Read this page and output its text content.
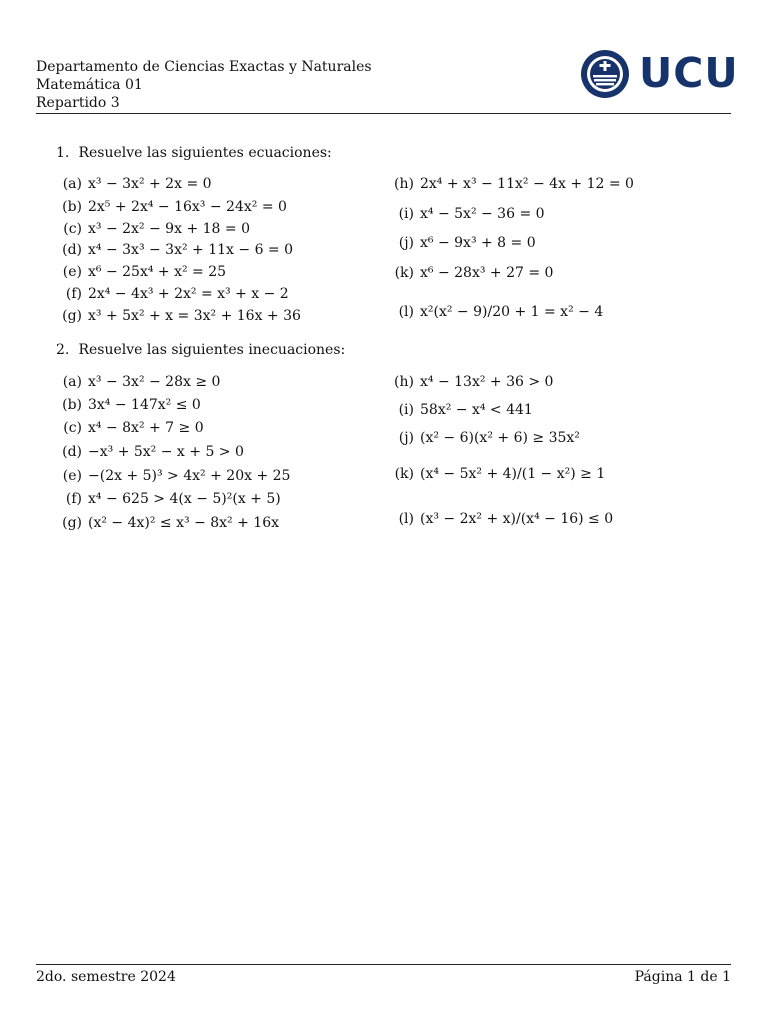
Departamento de Ciencias Exactas y Naturales
Matemática 01
Repartido 3
UCU
1. Resuelve las siguientes ecuaciones:
(a) x³ − 3x² + 2x = 0
(b) 2x⁵ + 2x⁴ − 16x³ − 24x² = 0
(c) x³ − 2x² − 9x + 18 = 0
(d) x⁴ − 3x³ − 3x² + 11x − 6 = 0
(e) x⁶ − 25x⁴ + x² = 25
(f) 2x⁴ − 4x³ + 2x² = x³ + x − 2
(g) x³ + 5x² + x = 3x² + 16x + 36
(h) 2x⁴ + x³ − 11x² − 4x + 12 = 0
(i) x⁴ − 5x² − 36 = 0
(j) x⁶ − 9x³ + 8 = 0
(k) x⁶ − 28x³ + 27 = 0
(l) x²(x² − 9)/20 + 1 = x² − 4
2. Resuelve las siguientes inecuaciones:
(a) x³ − 3x² − 28x ≥ 0
(b) 3x⁴ − 147x² ≤ 0
(c) x⁴ − 8x² + 7 ≥ 0
(d) −x³ + 5x² − x + 5 > 0
(e) −(2x + 5)³ > 4x² + 20x + 25
(f) x⁴ − 625 > 4(x − 5)²(x + 5)
(g) (x² − 4x)² ≤ x³ − 8x² + 16x
(h) x⁴ − 13x² + 36 > 0
(i) 58x² − x⁴ < 441
(j) (x² − 6)(x² + 6) ≥ 35x²
(k) (x⁴ − 5x² + 4)/(1 − x²) ≥ 1
(l) (x³ − 2x² + x)/(x⁴ − 16) ≤ 0
2do. semestre 2024	Página 1 de 1
